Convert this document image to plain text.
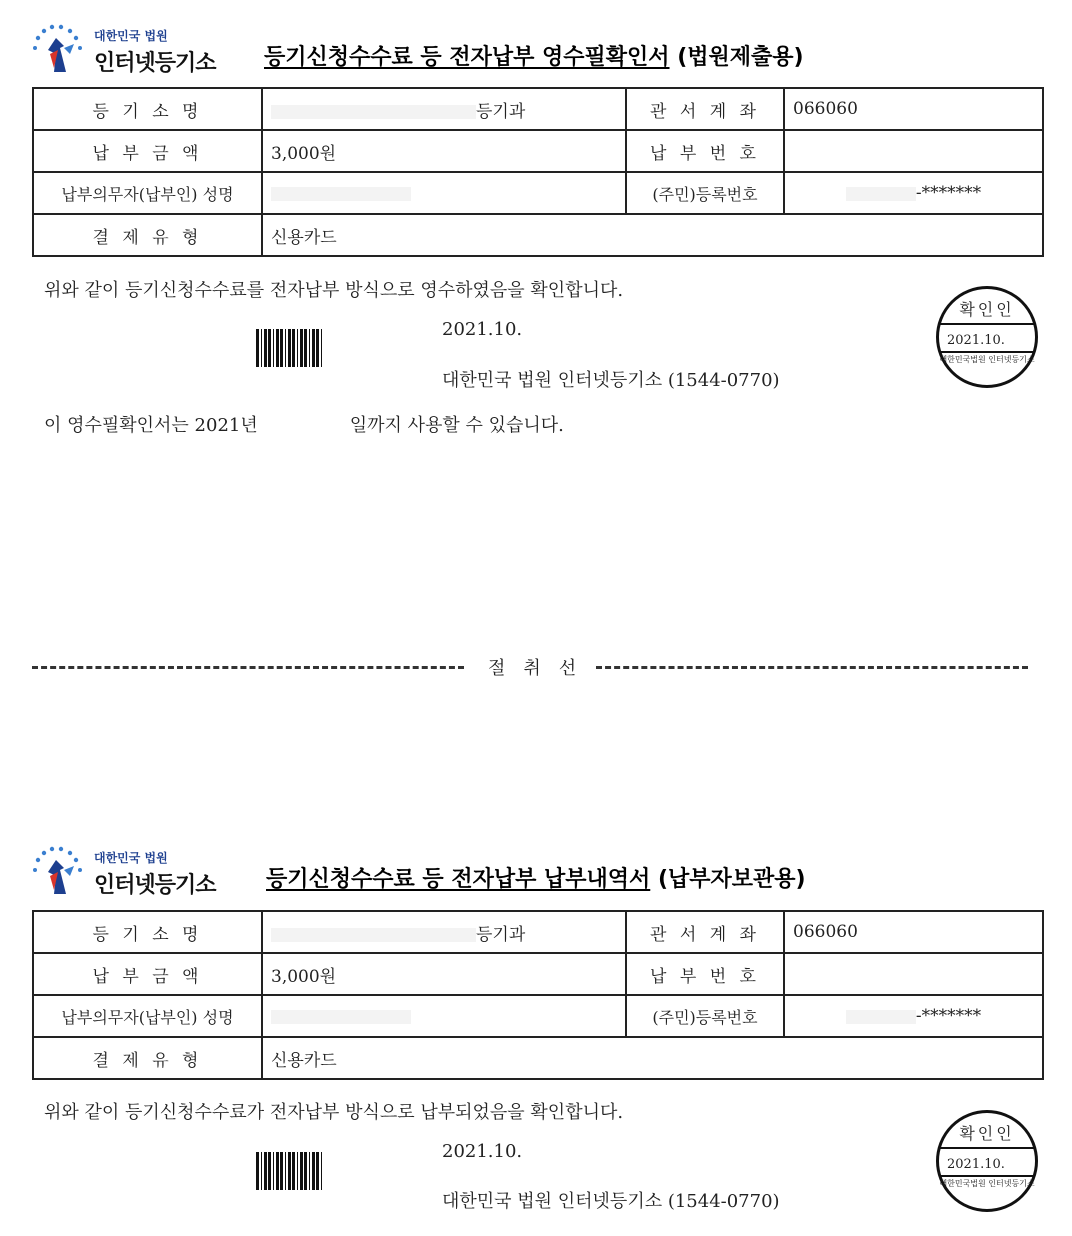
대한민국 법원
인터넷등기소 등기신청수수료 등 전자납부 영수필확인서 (법원제출용)
등 기 소 명	등기과	관 서 계 좌	066060
납 부 금 액	3,000원	납 부 번 호	
납부의무자(납부인) 성명		(주민)등록번호	-*******
결 제 유 형	신용카드		
위와 같이 등기신청수수료를 전자납부 방식으로 영수하였음을 확인합니다.
2021.10.
대한민국 법원 인터넷등기소 (1544-0770)
이 영수필확인서는 2021년	일까지 사용할 수 있습니다.
확인인
2021.10.
대한민국법원 인터넷등기소
절취선
대한민국 법원
인터넷등기소 등기신청수수료 등 전자납부 납부내역서 (납부자보관용)
등 기 소 명	등기과	관 서 계 좌	066060
납 부 금 액	3,000원	납 부 번 호	
납부의무자(납부인) 성명		(주민)등록번호	-*******
결 제 유 형	신용카드		
위와 같이 등기신청수수료가 전자납부 방식으로 납부되었음을 확인합니다.
2021.10.
대한민국 법원 인터넷등기소 (1544-0770)
확인인
2021.10.
대한민국법원 인터넷등기소
